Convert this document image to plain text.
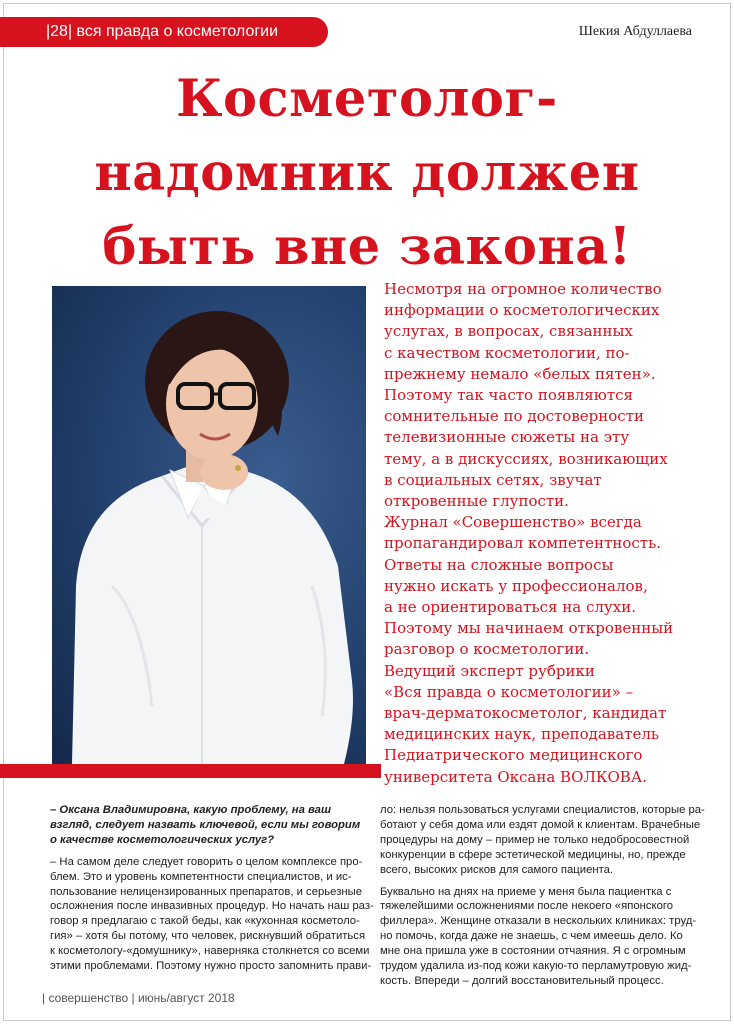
|28| вся правда о косметологии	Шекия Абдуллаева
Косметолог-
надомник должен
быть вне закона!
Несмотря на огромное количество
информации о косметологических
услугах, в вопросах, связанных
с качеством косметологии, по-
прежнему немало «белых пятен».
Поэтому так часто появляются
сомнительные по достоверности
телевизионные сюжеты на эту
тему, а в дискуссиях, возникающих
в социальных сетях, звучат
откровенные глупости.
Журнал «Совершенство» всегда
пропагандировал компетентность.
Ответы на сложные вопросы
нужно искать у профессионалов,
а не ориентироваться на слухи.
Поэтому мы начинаем откровенный
разговор о косметологии.
Ведущий эксперт рубрики
«Вся правда о косметологии» –
врач-дерматокосметолог, кандидат
медицинских наук, преподаватель
Педиатрического медицинского
университета Оксана ВОЛКОВА.
– Оксана Владимировна, какую проблему, на ваш
взгляд, следует назвать ключевой, если мы говорим
о качестве косметологических услуг?
– На самом деле следует говорить о целом комплексе про-
блем. Это и уровень компетентности специалистов, и ис-
пользование нелицензированных препаратов, и серьезные
осложнения после инвазивных процедур. Но начать наш раз-
говор я предлагаю с такой беды, как «кухонная косметоло-
гия» – хотя бы потому, что человек, рискнувший обратиться
к косметологу-«домушнику», наверняка столкнется со всеми
этими проблемами. Поэтому нужно просто запомнить прави-
ло: нельзя пользоваться услугами специалистов, которые ра-
ботают у себя дома или ездят домой к клиентам. Врачебные
процедуры на дому – пример не только недобросовестной
конкуренции в сфере эстетической медицины, но, прежде
всего, высоких рисков для самого пациента.
Буквально на днях на приеме у меня была пациентка с
тяжелейшими осложнениями после некоего «японского
филлера». Женщине отказали в нескольких клиниках: труд-
но помочь, когда даже не знаешь, с чем имеешь дело. Ко
мне она пришла уже в состоянии отчаяния. Я с огромным
трудом удалила из-под кожи какую-то перламутровую жид-
кость. Впереди – долгий восстановительный процесс.
| совершенство | июнь/август 2018
